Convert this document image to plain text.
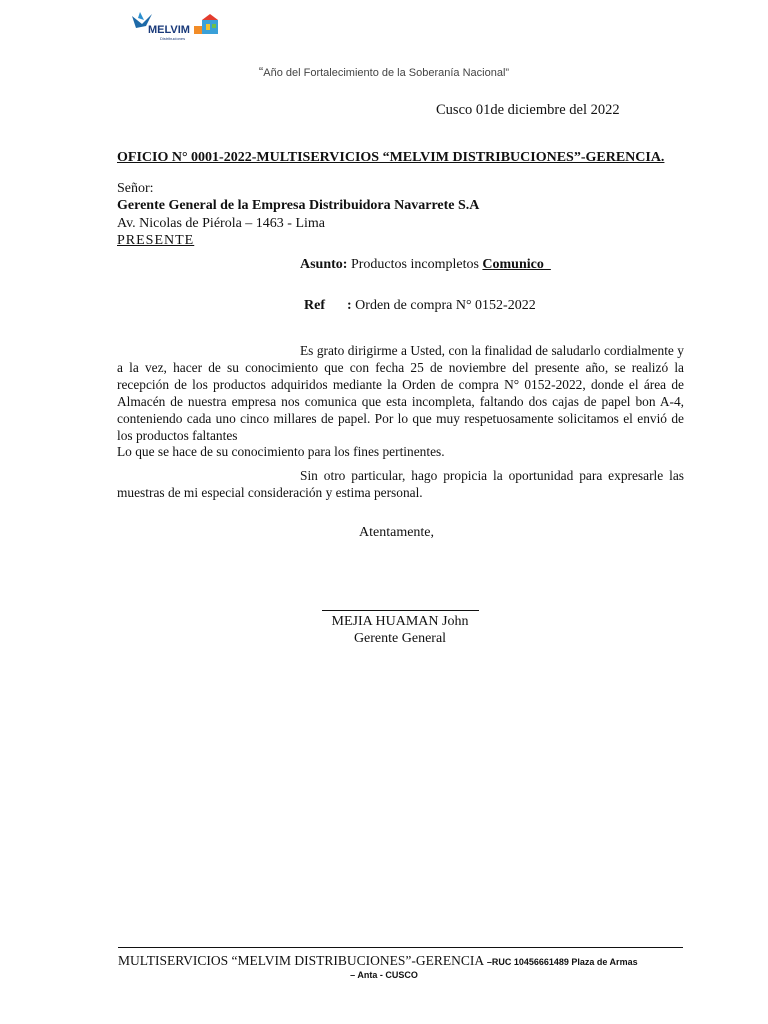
MELVIM
Distribuciones
“Año del Fortalecimiento de la Soberanía Nacional”
Cusco 01de diciembre del 2022
OFICIO N° 0001-2022-MULTISERVICIOS “MELVIM DISTRIBUCIONES”-GERENCIA.
Señor:
Gerente General de la Empresa Distribuidora Navarrete S.A
Av. Nicolas de Piérola – 1463 - Lima
PRESENTE
Asunto: Productos incompletos Comunico
Ref : Orden de compra N° 0152-2022
Es grato dirigirme a Usted, con la finalidad de saludarlo cordialmente y a la vez, hacer de su conocimiento que con fecha 25 de noviembre del presente año, se realizó la recepción de los productos adquiridos mediante la Orden de compra N° 0152-2022, donde el área de Almacén de nuestra empresa nos comunica que esta incompleta, faltando dos cajas de papel bon A-4, conteniendo cada uno cinco millares de papel. Por lo que muy respetuosamente solicitamos el envió de los productos faltantes
Lo que se hace de su conocimiento para los fines pertinentes.
Sin otro particular, hago propicia la oportunidad para expresarle las muestras de mi especial consideración y estima personal.
Atentamente,
MEJIA HUAMAN John
Gerente General
MULTISERVICIOS “MELVIM DISTRIBUCIONES”-GERENCIA –RUC 10456661489 Plaza de Armas
– Anta - CUSCO
